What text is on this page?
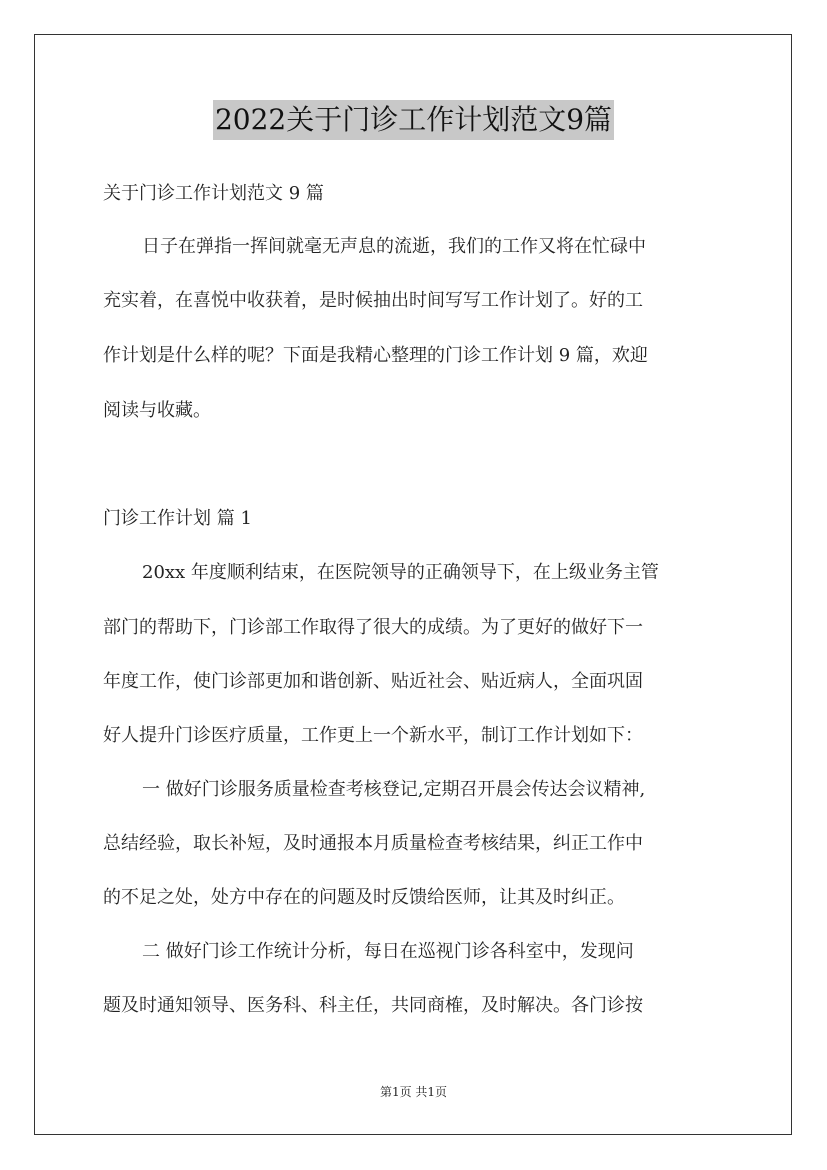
2022关于门诊工作计划范文9篇
关于门诊工作计划范文 9 篇
日子在弹指一挥间就毫无声息的流逝，我们的工作又将在忙碌中
充实着，在喜悦中收获着，是时候抽出时间写写工作计划了。好的工
作计划是什么样的呢？下面是我精心整理的门诊工作计划 9 篇，欢迎
阅读与收藏。
门诊工作计划 篇 1
20xx 年度顺利结束，在医院领导的正确领导下，在上级业务主管
部门的帮助下，门诊部工作取得了很大的成绩。为了更好的做好下一
年度工作，使门诊部更加和谐创新、贴近社会、贴近病人，全面巩固
好人提升门诊医疗质量，工作更上一个新水平，制订工作计划如下：
一 做好门诊服务质量检查考核登记,定期召开晨会传达会议精神,
总结经验，取长补短，及时通报本月质量检查考核结果，纠正工作中
的不足之处，处方中存在的问题及时反馈给医师，让其及时纠正。
二 做好门诊工作统计分析，每日在巡视门诊各科室中，发现问
题及时通知领导、医务科、科主任，共同商榷，及时解决。各门诊按
第1页 共1页
